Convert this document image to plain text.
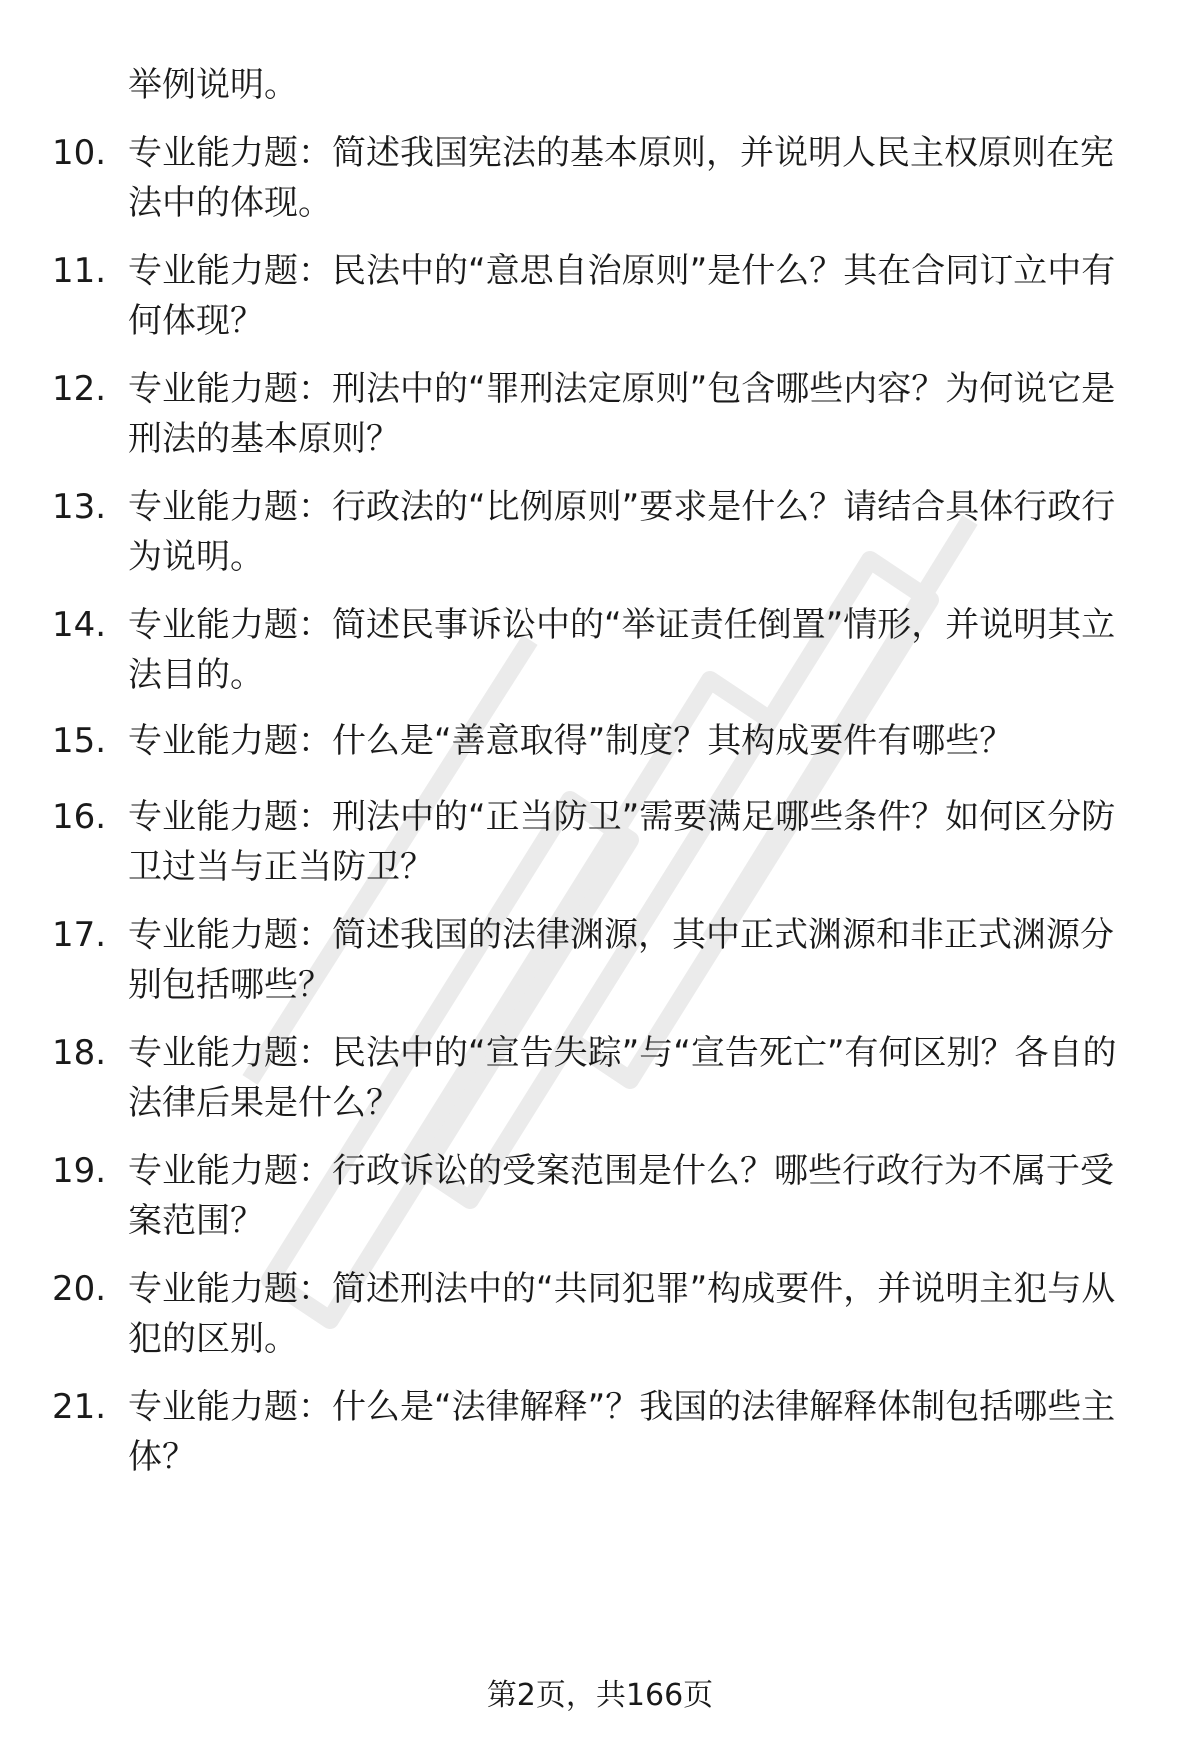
举例说明。

10. 专业能力题：简述我国宪法的基本原则，并说明人民主权原则在宪法中的体现。

11. 专业能力题：民法中的“意思自治原则”是什么？其在合同订立中有何体现？

12. 专业能力题：刑法中的“罪刑法定原则”包含哪些内容？为何说它是刑法的基本原则？

13. 专业能力题：行政法的“比例原则”要求是什么？请结合具体行政行为说明。

14. 专业能力题：简述民事诉讼中的“举证责任倒置”情形，并说明其立法目的。

15. 专业能力题：什么是“善意取得”制度？其构成要件有哪些？

16. 专业能力题：刑法中的“正当防卫”需要满足哪些条件？如何区分防卫过当与正当防卫？

17. 专业能力题：简述我国的法律渊源，其中正式渊源和非正式渊源分别包括哪些？

18. 专业能力题：民法中的“宣告失踪”与“宣告死亡”有何区别？各自的法律后果是什么？

19. 专业能力题：行政诉讼的受案范围是什么？哪些行政行为不属于受案范围？

20. 专业能力题：简述刑法中的“共同犯罪”构成要件，并说明主犯与从犯的区别。

21. 专业能力题：什么是“法律解释”？我国的法律解释体制包括哪些主体？

第2页，共166页
